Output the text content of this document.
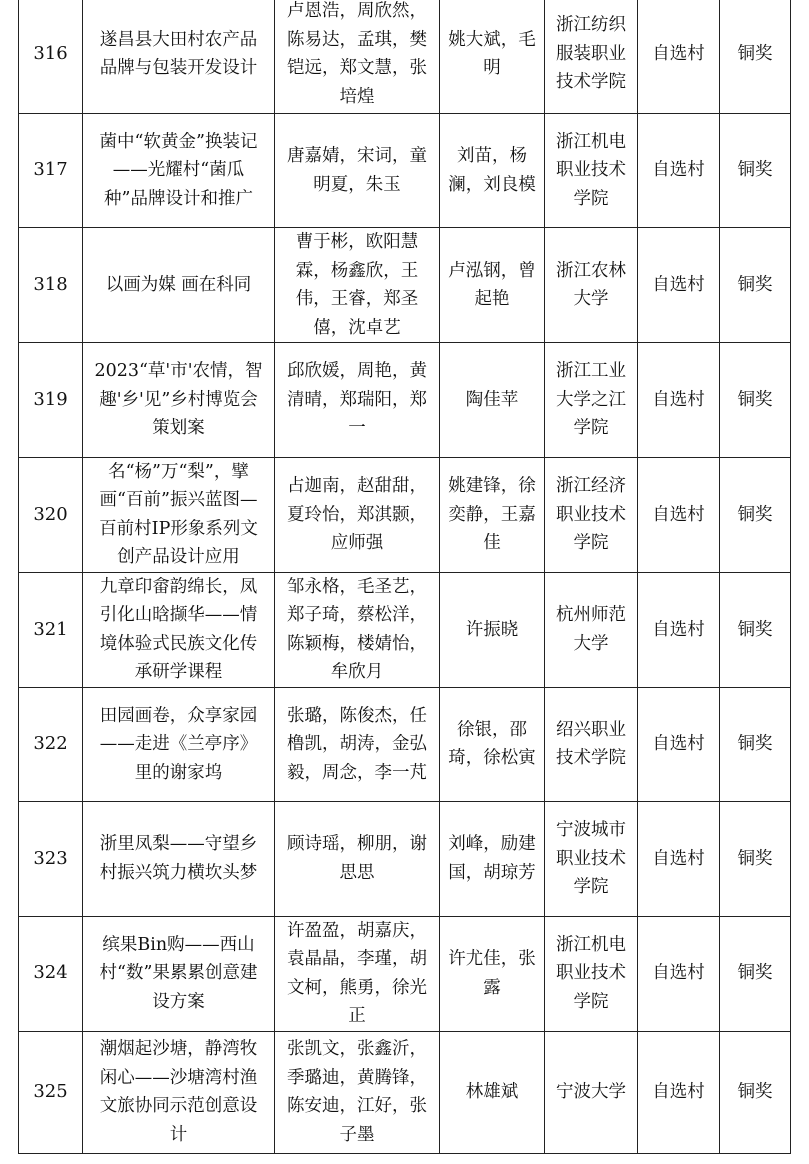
316	遂昌县大田村农产品品牌与包装开发设计	卢恩浩，周欣然，陈易达，孟琪，樊铠远，郑文慧，张培煌	姚大斌，毛明	浙江纺织服装职业技术学院	自选村	铜奖
317	菌中“软黄金”换装记——光耀村“菌瓜种”品牌设计和推广	唐嘉婧，宋词，童明夏，朱玉	刘苗，杨澜，刘良模	浙江机电职业技术学院	自选村	铜奖
318	以画为媒 画在科同	曹于彬，欧阳慧霖，杨鑫欣，王伟，王睿，郑圣僖，沈卓艺	卢泓钢，曾起艳	浙江农林大学	自选村	铜奖
319	2023“草'市'农情，智趣'乡'见”乡村博览会策划案	邱欣媛，周艳，黄清晴，郑瑞阳，郑一	陶佳苹	浙江工业大学之江学院	自选村	铜奖
320	名“杨”万“梨”，擘画“百前”振兴蓝图—百前村IP形象系列文创产品设计应用	占迦南，赵甜甜，夏玲怡，郑淇颢，应师强	姚建锋，徐奕静，王嘉佳	浙江经济职业技术学院	自选村	铜奖
321	九章印畲韵绵长，凤引化山晗撷华——情境体验式民族文化传承研学课程	邹永格，毛圣艺，郑子琦，蔡松洋，陈颖梅，楼婧怡，牟欣月	许振晓	杭州师范大学	自选村	铜奖
322	田园画卷，众享家园——走进《兰亭序》里的谢家坞	张璐，陈俊杰，任橹凯，胡涛，金弘毅，周念，李一芃	徐银，邵琦，徐松寅	绍兴职业技术学院	自选村	铜奖
323	浙里凤梨——守望乡村振兴筑力横坎头梦	顾诗瑶，柳朋，谢思思	刘峰，励建国，胡琼芳	宁波城市职业技术学院	自选村	铜奖
324	缤果Bin购——西山村“数”果累累创意建设方案	许盈盈，胡嘉庆，袁晶晶，李瑾，胡文柯，熊勇，徐光正	许尤佳，张露	浙江机电职业技术学院	自选村	铜奖
325	潮烟起沙塘，静湾牧闲心——沙塘湾村渔文旅协同示范创意设计	张凯文，张鑫沂，季璐迪，黄腾锋，陈安迪，江好，张子墨	林雄斌	宁波大学	自选村	铜奖
